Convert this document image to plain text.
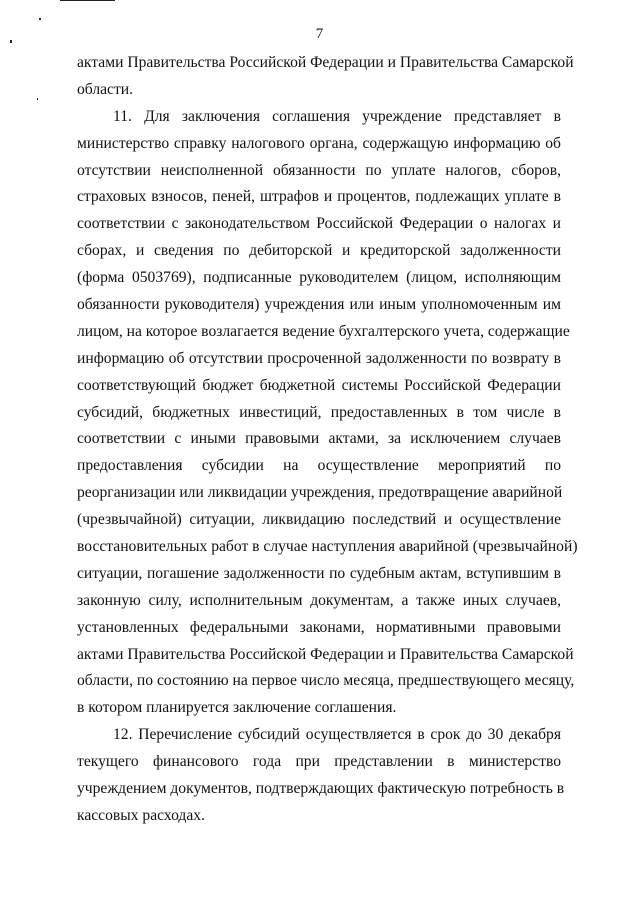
7
актами Правительства Российской Федерации и Правительства Самарской
области.
11. Для заключения соглашения учреждение представляет в
министерство справку налогового органа, содержащую информацию об
отсутствии неисполненной обязанности по уплате налогов, сборов,
страховых взносов, пеней, штрафов и процентов, подлежащих уплате в
соответствии с законодательством Российской Федерации о налогах и
сборах, и сведения по дебиторской и кредиторской задолженности
(форма 0503769), подписанные руководителем (лицом, исполняющим
обязанности руководителя) учреждения или иным уполномоченным им
лицом, на которое возлагается ведение бухгалтерского учета, содержащие
информацию об отсутствии просроченной задолженности по возврату в
соответствующий бюджет бюджетной системы Российской Федерации
субсидий, бюджетных инвестиций, предоставленных в том числе в
соответствии с иными правовыми актами, за исключением случаев
предоставления субсидии на осуществление мероприятий по
реорганизации или ликвидации учреждения, предотвращение аварийной
(чрезвычайной) ситуации, ликвидацию последствий и осуществление
восстановительных работ в случае наступления аварийной (чрезвычайной)
ситуации, погашение задолженности по судебным актам, вступившим в
законную силу, исполнительным документам, а также иных случаев,
установленных федеральными законами, нормативными правовыми
актами Правительства Российской Федерации и Правительства Самарской
области, по состоянию на первое число месяца, предшествующего месяцу,
в котором планируется заключение соглашения.
12. Перечисление субсидий осуществляется в срок до 30 декабря
текущего финансового года при представлении в министерство
учреждением документов, подтверждающих фактическую потребность в
кассовых расходах.
